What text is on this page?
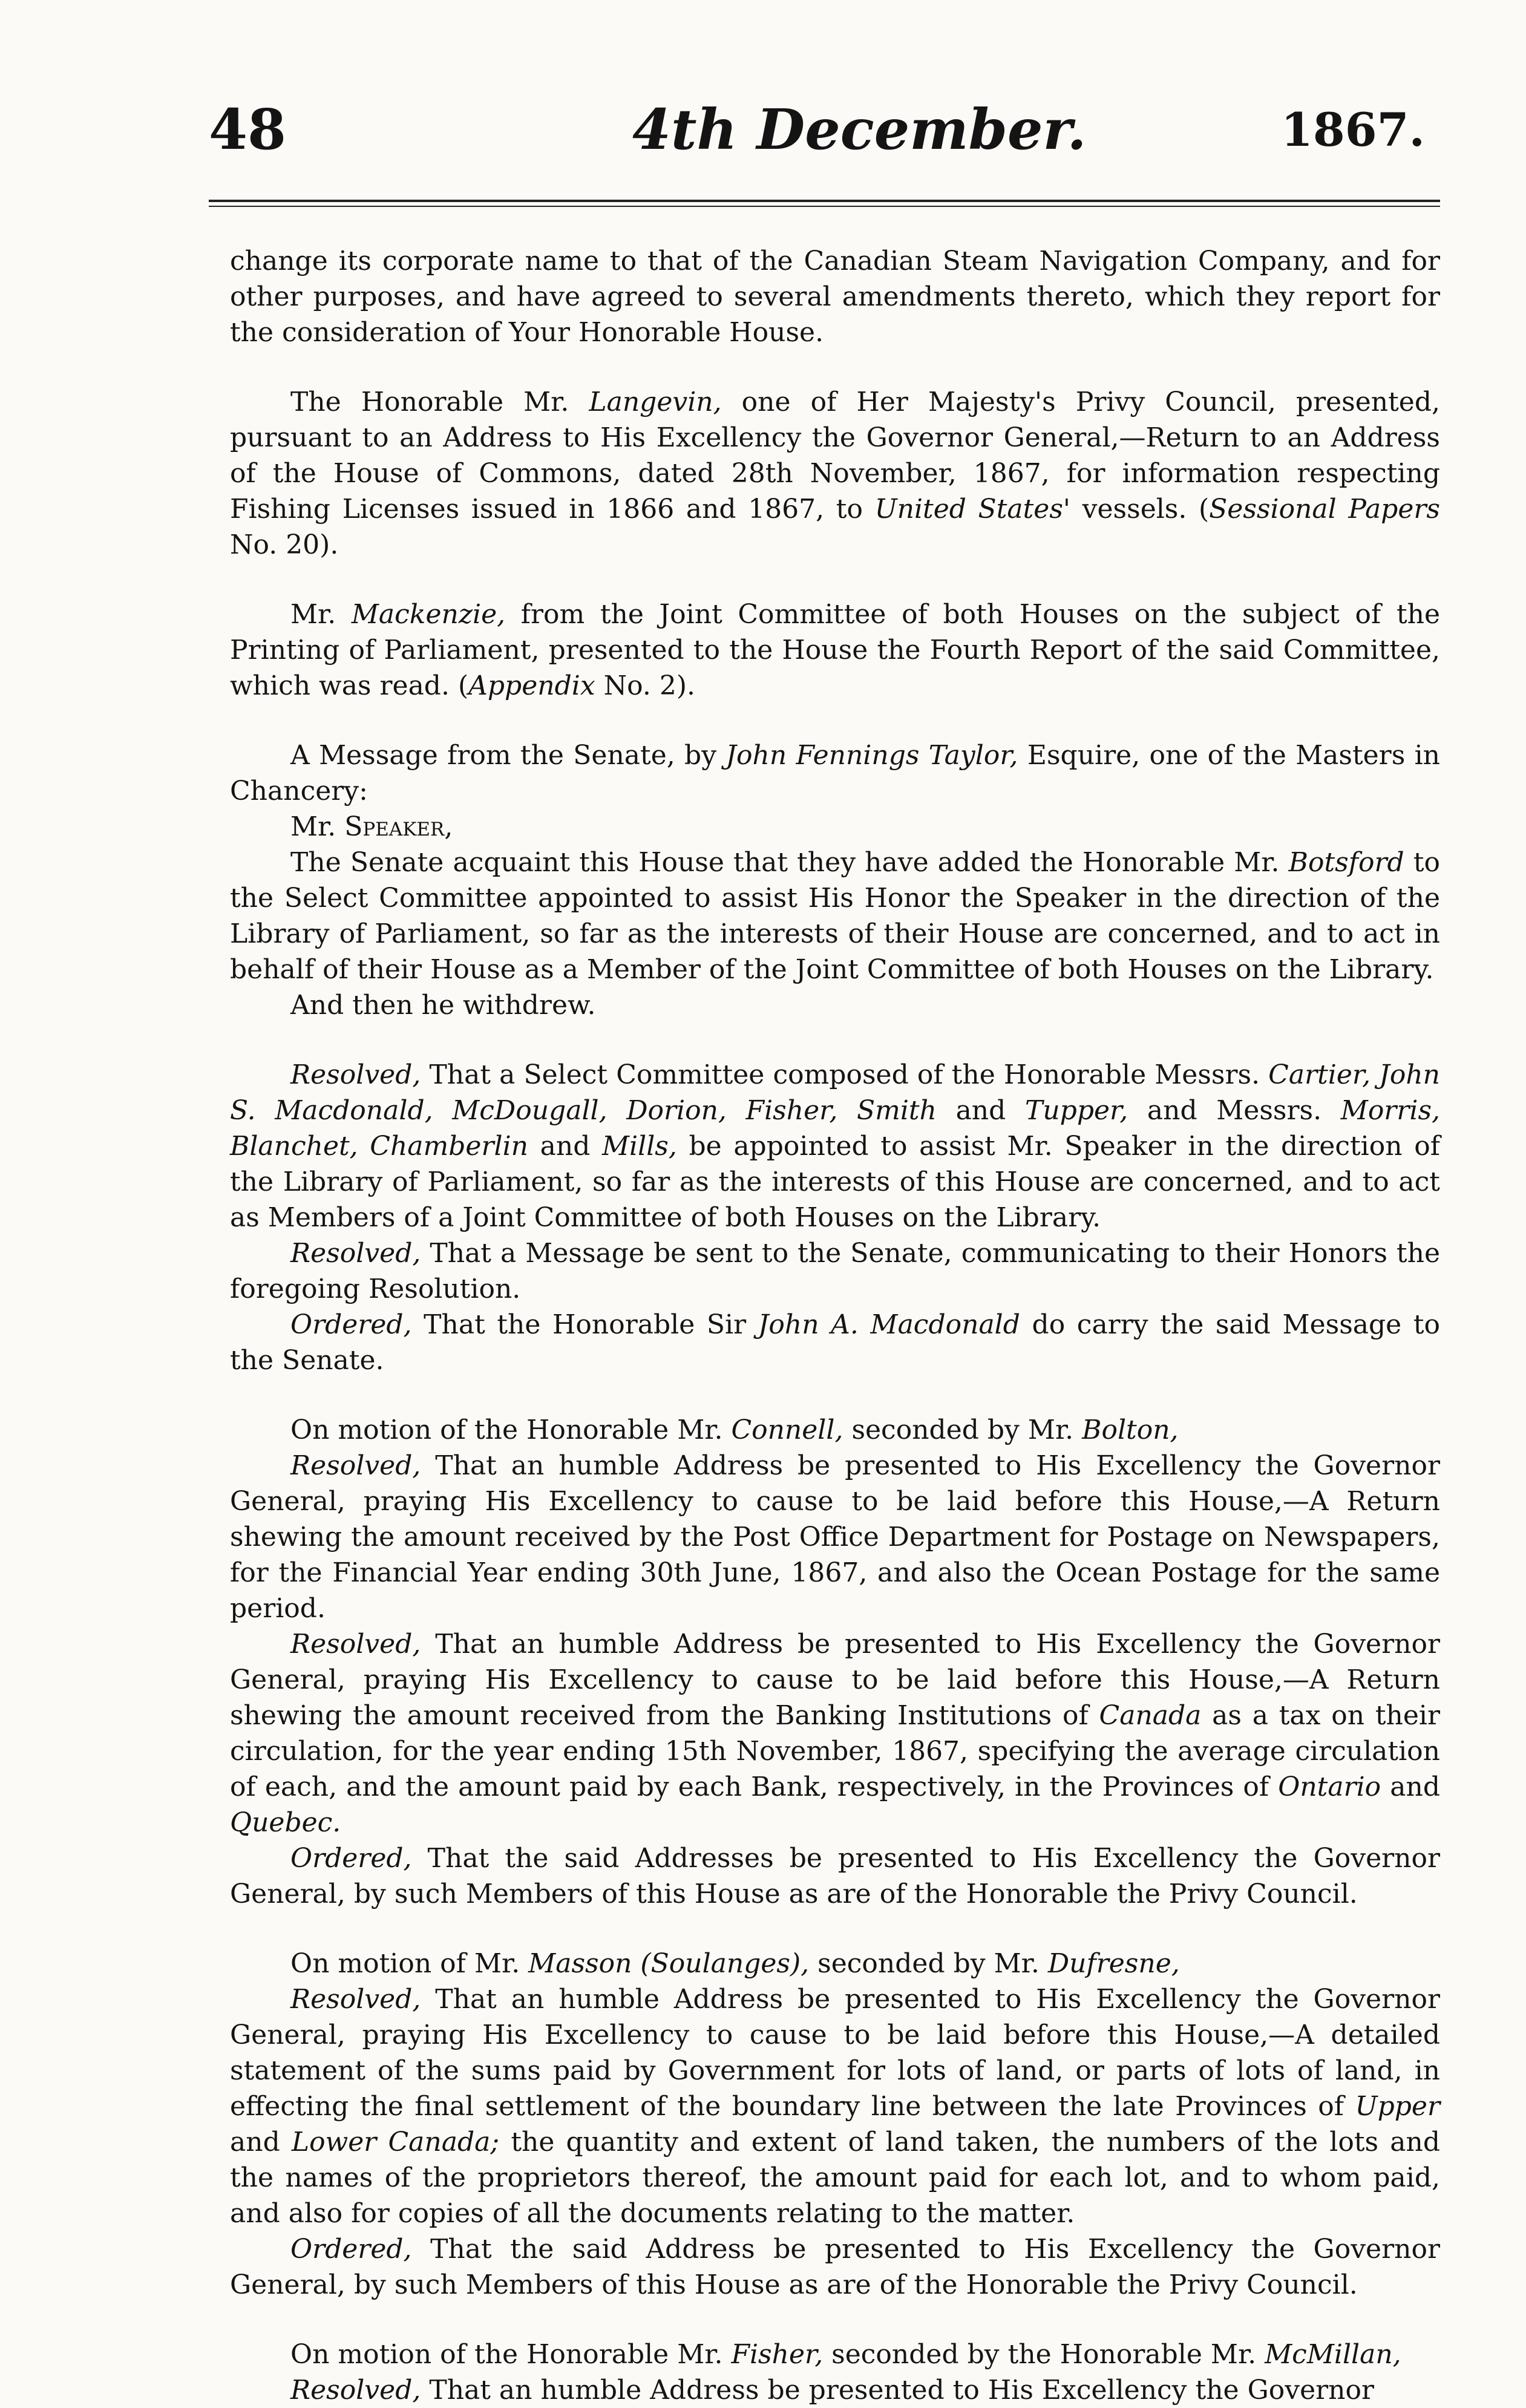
48	4th December.	1867.

change its corporate name to that of the Canadian Steam Navigation Company, and for other purposes, and have agreed to several amendments thereto, which they report for the consideration of Your Honorable House.

The Honorable Mr. Langevin, one of Her Majesty's Privy Council, presented, pursuant to an Address to His Excellency the Governor General,—Return to an Address of the House of Commons, dated 28th November, 1867, for information respecting Fishing Licenses issued in 1866 and 1867, to United States' vessels. (Sessional Papers No. 20).

Mr. Mackenzie, from the Joint Committee of both Houses on the subject of the Printing of Parliament, presented to the House the Fourth Report of the said Committee, which was read. (Appendix No. 2).

A Message from the Senate, by John Fennings Taylor, Esquire, one of the Masters in Chancery:

Mr. Speaker,

The Senate acquaint this House that they have added the Honorable Mr. Botsford to the Select Committee appointed to assist His Honor the Speaker in the direction of the Library of Parliament, so far as the interests of their House are concerned, and to act in behalf of their House as a Member of the Joint Committee of both Houses on the Library.

And then he withdrew.

Resolved, That a Select Committee composed of the Honorable Messrs. Cartier, John S. Macdonald, McDougall, Dorion, Fisher, Smith and Tupper, and Messrs. Morris, Blanchet, Chamberlin and Mills, be appointed to assist Mr. Speaker in the direction of the Library of Parliament, so far as the interests of this House are concerned, and to act as Members of a Joint Committee of both Houses on the Library.

Resolved, That a Message be sent to the Senate, communicating to their Honors the foregoing Resolution.

Ordered, That the Honorable Sir John A. Macdonald do carry the said Message to the Senate.

On motion of the Honorable Mr. Connell, seconded by Mr. Bolton,

Resolved, That an humble Address be presented to His Excellency the Governor General, praying His Excellency to cause to be laid before this House,—A Return shewing the amount received by the Post Office Department for Postage on Newspapers, for the Financial Year ending 30th June, 1867, and also the Ocean Postage for the same period.

Resolved, That an humble Address be presented to His Excellency the Governor General, praying His Excellency to cause to be laid before this House,—A Return shewing the amount received from the Banking Institutions of Canada as a tax on their circulation, for the year ending 15th November, 1867, specifying the average circulation of each, and the amount paid by each Bank, respectively, in the Provinces of Ontario and Quebec.

Ordered, That the said Addresses be presented to His Excellency the Governor General, by such Members of this House as are of the Honorable the Privy Council.

On motion of Mr. Masson (Soulanges), seconded by Mr. Dufresne,

Resolved, That an humble Address be presented to His Excellency the Governor General, praying His Excellency to cause to be laid before this House,—A detailed statement of the sums paid by Government for lots of land, or parts of lots of land, in effecting the final settlement of the boundary line between the late Provinces of Upper and Lower Canada; the quantity and extent of land taken, the numbers of the lots and the names of the proprietors thereof, the amount paid for each lot, and to whom paid, and also for copies of all the documents relating to the matter.

Ordered, That the said Address be presented to His Excellency the Governor General, by such Members of this House as are of the Honorable the Privy Council.

On motion of the Honorable Mr. Fisher, seconded by the Honorable Mr. McMillan,

Resolved, That an humble Address be presented to His Excellency the Governor
